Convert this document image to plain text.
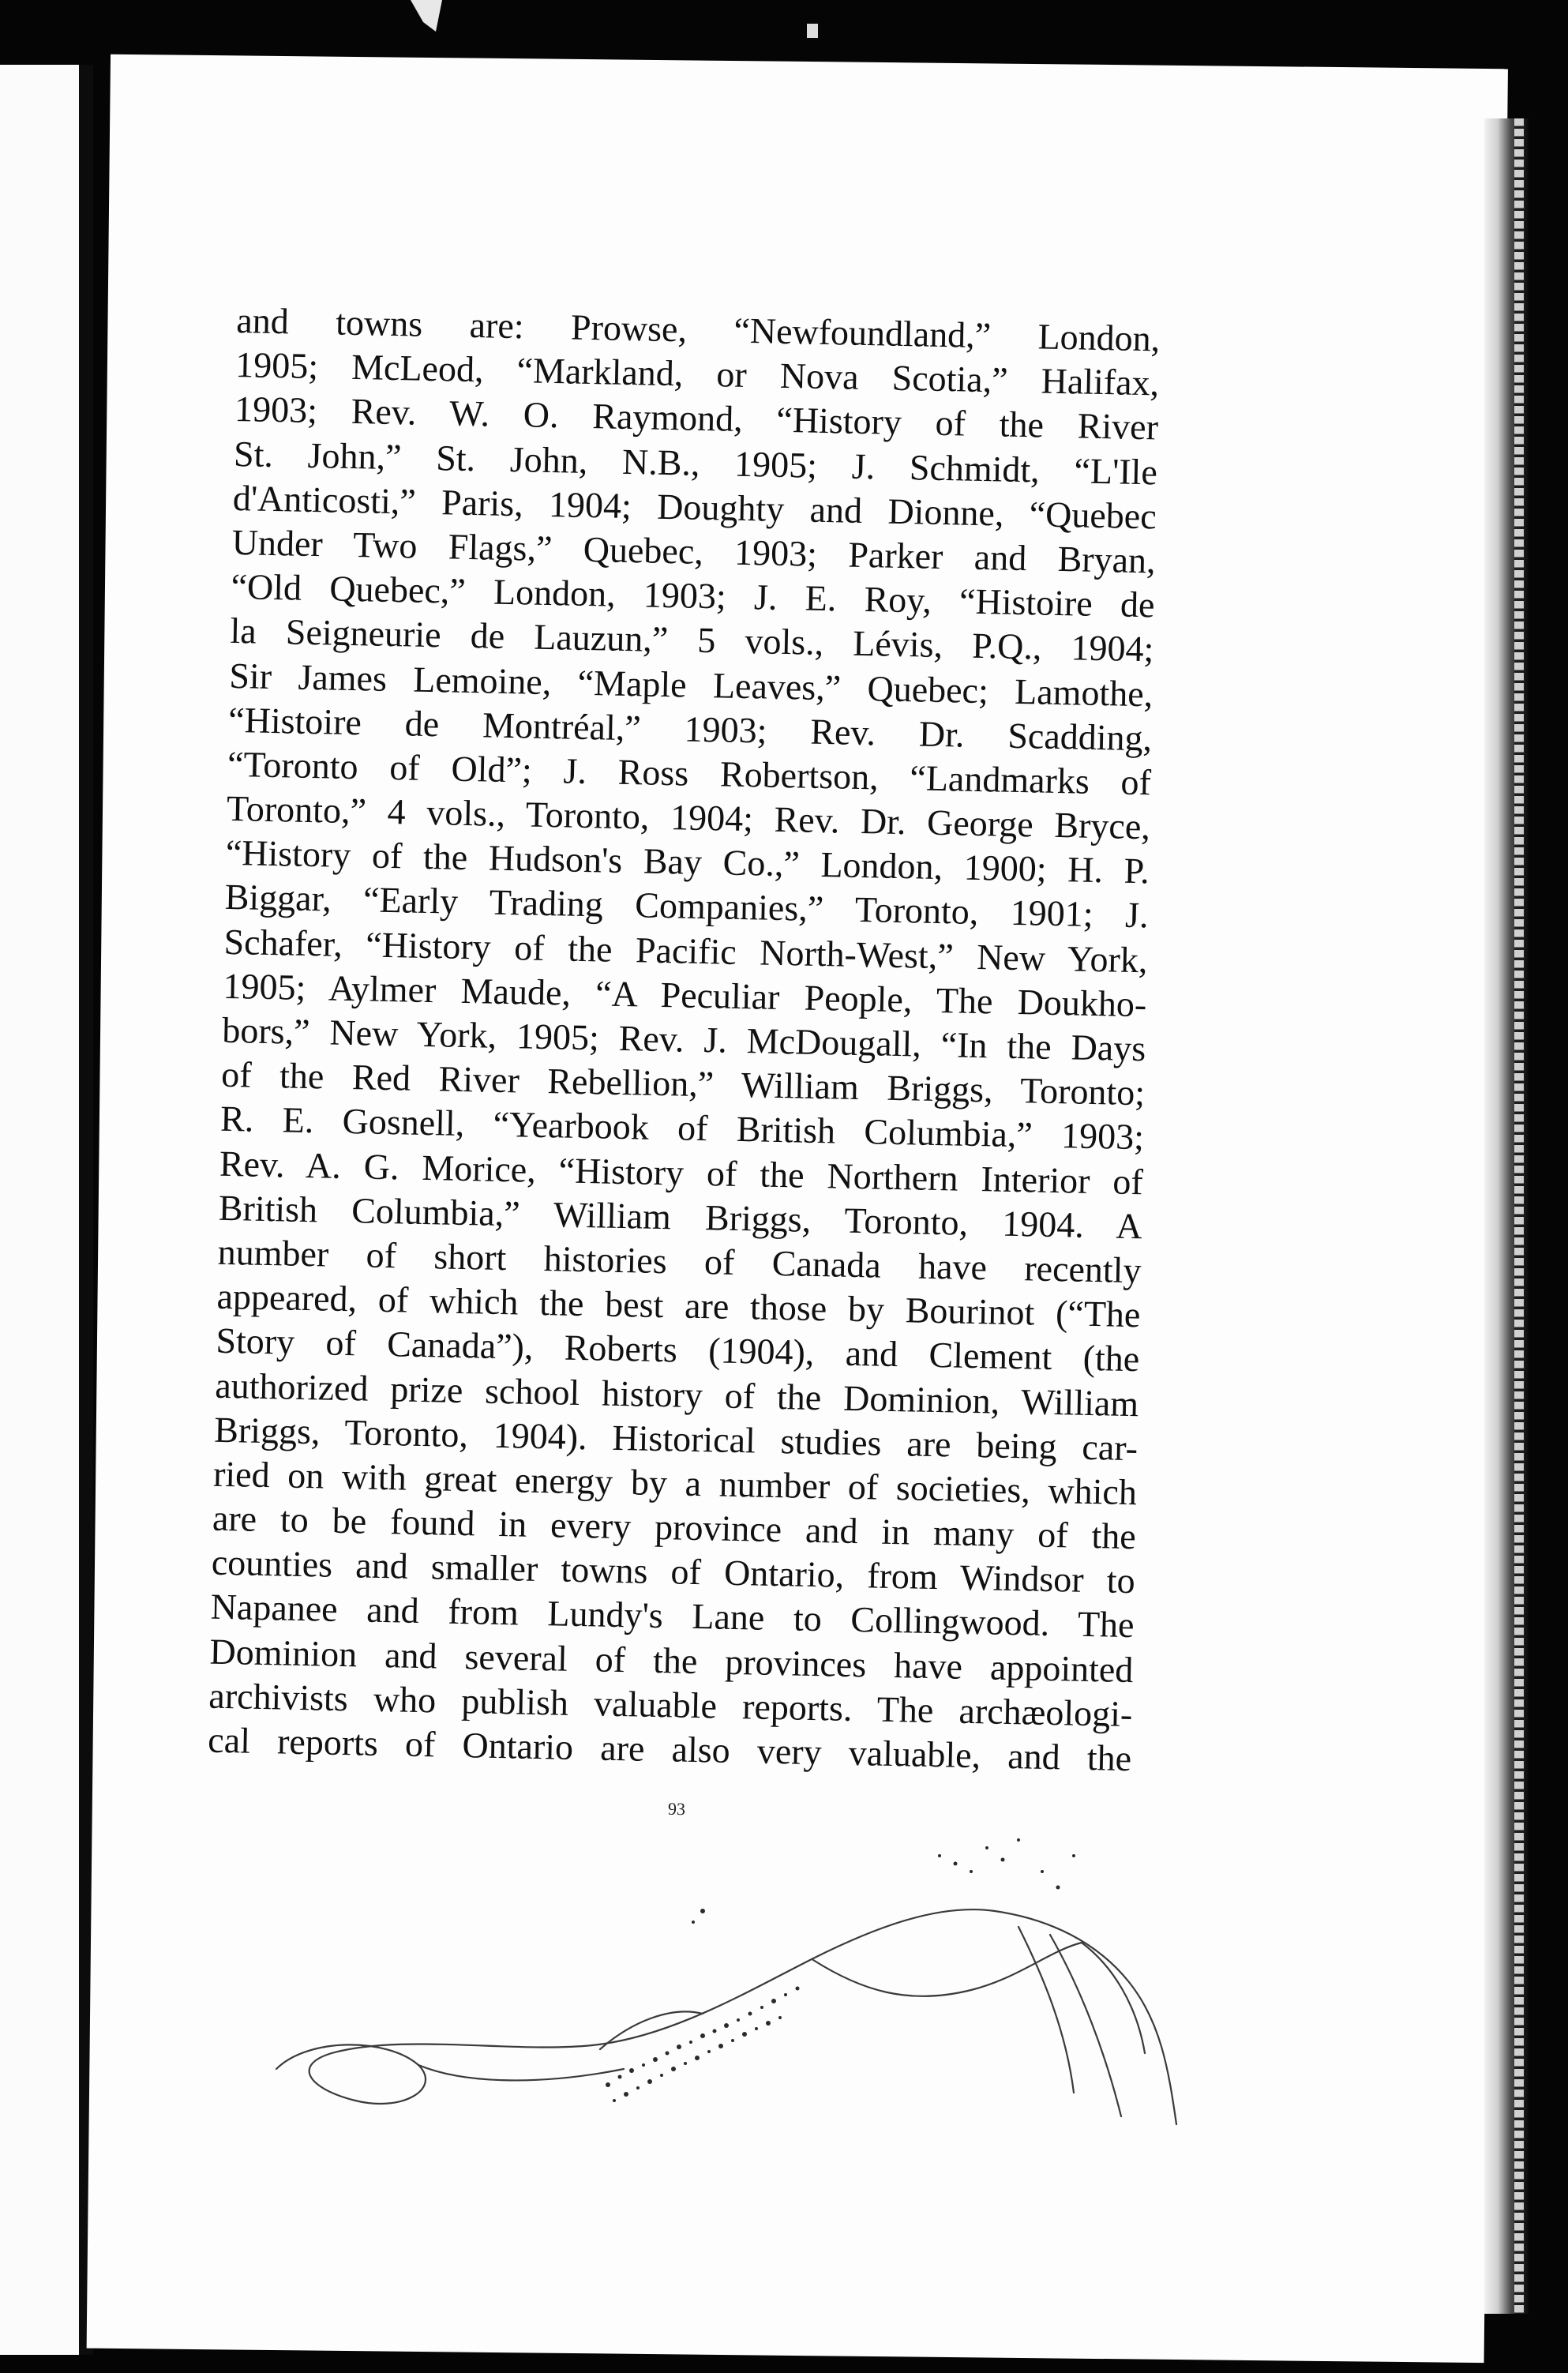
and towns are: Prowse, “Newfoundland,” London,
1905; McLeod, “Markland, or Nova Scotia,” Halifax,
1903; Rev. W. O. Raymond, “History of the River
St. John,” St. John, N.B., 1905; J. Schmidt, “L'Ile
d'Anticosti,” Paris, 1904; Doughty and Dionne, “Quebec
Under Two Flags,” Quebec, 1903; Parker and Bryan,
“Old Quebec,” London, 1903; J. E. Roy, “Histoire de
la Seigneurie de Lauzun,” 5 vols., Lévis, P.Q., 1904;
Sir James Lemoine, “Maple Leaves,” Quebec; Lamothe,
“Histoire de Montréal,” 1903; Rev. Dr. Scadding,
“Toronto of Old”; J. Ross Robertson, “Landmarks of
Toronto,” 4 vols., Toronto, 1904; Rev. Dr. George Bryce,
“History of the Hudson's Bay Co.,” London, 1900; H. P.
Biggar, “Early Trading Companies,” Toronto, 1901; J.
Schafer, “History of the Pacific North-West,” New York,
1905; Aylmer Maude, “A Peculiar People, The Doukho-
bors,” New York, 1905; Rev. J. McDougall, “In the Days
of the Red River Rebellion,” William Briggs, Toronto;
R. E. Gosnell, “Yearbook of British Columbia,” 1903;
Rev. A. G. Morice, “History of the Northern Interior of
British Columbia,” William Briggs, Toronto, 1904. A
number of short histories of Canada have recently
appeared, of which the best are those by Bourinot (“The
Story of Canada”), Roberts (1904), and Clement (the
authorized prize school history of the Dominion, William
Briggs, Toronto, 1904). Historical studies are being car-
ried on with great energy by a number of societies, which
are to be found in every province and in many of the
counties and smaller towns of Ontario, from Windsor to
Napanee and from Lundy's Lane to Collingwood. The
Dominion and several of the provinces have appointed
archivists who publish valuable reports. The archæologi-
cal reports of Ontario are also very valuable, and the
93
